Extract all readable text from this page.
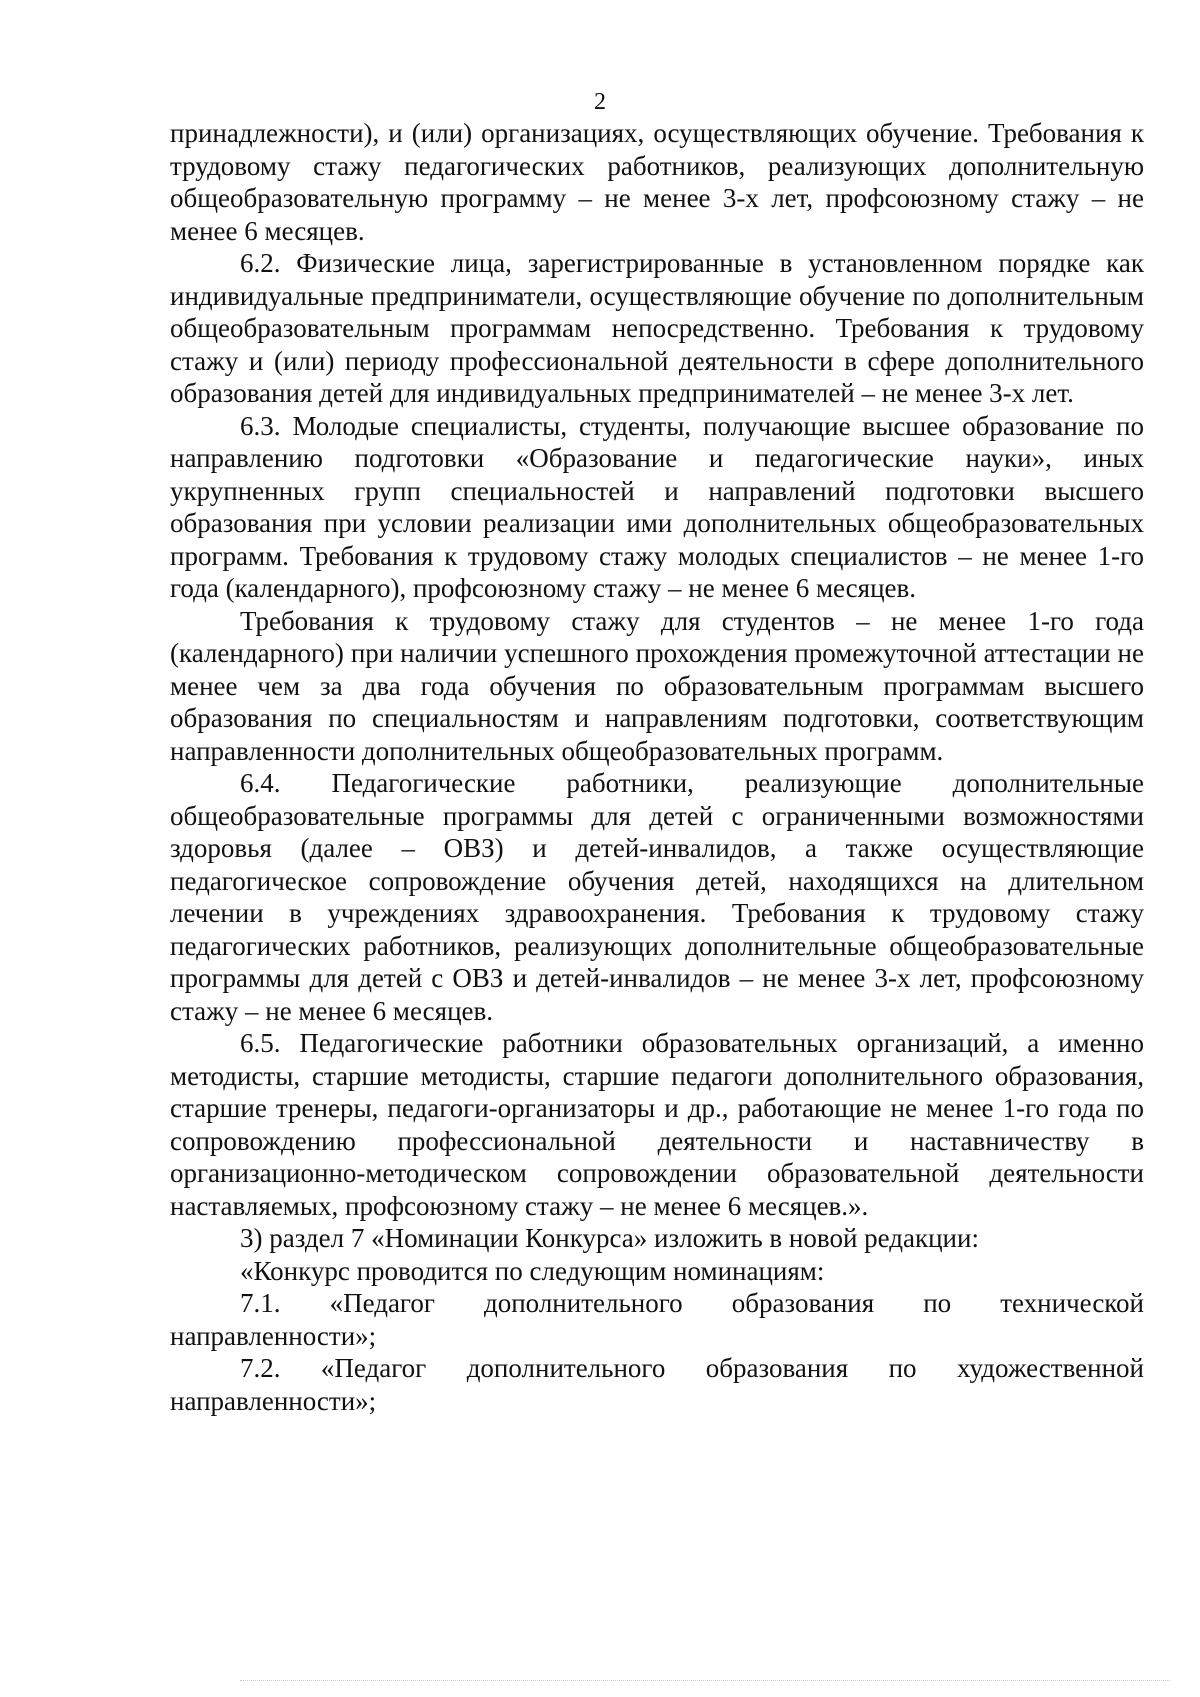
2

принадлежности), и (или) организациях, осуществляющих обучение. Требования к трудовому стажу педагогических работников, реализующих дополнительную общеобразовательную программу – не менее 3-х лет, профсоюзному стажу – не менее 6 месяцев.

6.2. Физические лица, зарегистрированные в установленном порядке как индивидуальные предприниматели, осуществляющие обучение по дополнительным общеобразовательным программам непосредственно. Требования к трудовому стажу и (или) периоду профессиональной деятельности в сфере дополнительного образования детей для индивидуальных предпринимателей – не менее 3-х лет.

6.3. Молодые специалисты, студенты, получающие высшее образование по направлению подготовки «Образование и педагогические науки», иных укрупненных групп специальностей и направлений подготовки высшего образования при условии реализации ими дополнительных общеобразовательных программ. Требования к трудовому стажу молодых специалистов – не менее 1-го года (календарного), профсоюзному стажу – не менее 6 месяцев.

Требования к трудовому стажу для студентов – не менее 1-го года (календарного) при наличии успешного прохождения промежуточной аттестации не менее чем за два года обучения по образовательным программам высшего образования по специальностям и направлениям подготовки, соответствующим направленности дополнительных общеобразовательных программ.

6.4. Педагогические работники, реализующие дополнительные общеобразовательные программы для детей с ограниченными возможностями здоровья (далее – ОВЗ) и детей-инвалидов, а также осуществляющие педагогическое сопровождение обучения детей, находящихся на длительном лечении в учреждениях здравоохранения. Требования к трудовому стажу педагогических работников, реализующих дополнительные общеобразовательные программы для детей с ОВЗ и детей-инвалидов – не менее 3-х лет, профсоюзному стажу – не менее 6 месяцев.

6.5. Педагогические работники образовательных организаций, а именно методисты, старшие методисты, старшие педагоги дополнительного образования, старшие тренеры, педагоги-организаторы и др., работающие не менее 1-го года по сопровождению профессиональной деятельности и наставничеству в организационно-методическом сопровождении образовательной деятельности наставляемых, профсоюзному стажу – не менее 6 месяцев.».

3) раздел 7 «Номинации Конкурса» изложить в новой редакции:

«Конкурс проводится по следующим номинациям:

7.1. «Педагог дополнительного образования по технической направленности»;

7.2. «Педагог дополнительного образования по художественной направленности»;
